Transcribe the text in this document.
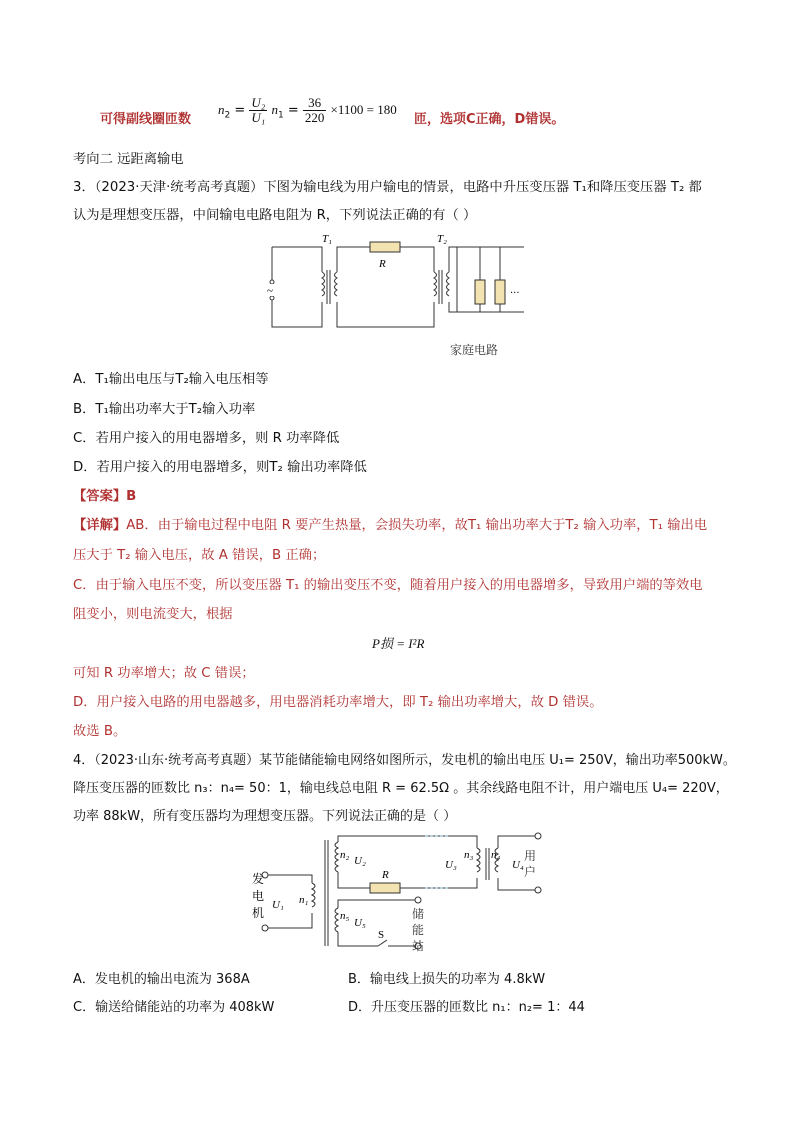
可得副线圈匝数
$n_2 = \frac{\text{U₂}}{\text{U₁}} n_1 = \frac{36}{220} \times 1100 = 180$
匝，选项C正确，D错误。
考向二 远距离输电
3．（2023·天津·统考高考真题）下图为输电线为用户输电的情景，电路中升压变压器 T₁和降压变压器 T₂ 都
认为是理想变压器，中间输电电路电阻为 R，下列说法正确的有（ ）
~
T₁
R
T₂
···
家庭电路
A．T₁输出电压与T₂输入电压相等
B．T₁输出功率大于T₂输入功率
C．若用户接入的用电器增多，则 R 功率降低
D．若用户接入的用电器增多，则T₂ 输出功率降低
【答案】B
【详解】AB．由于输电过程中电阻 R 要产生热量，会损失功率，故T₁ 输出功率大于T₂ 输入功率，T₁ 输出电
压大于 T₂ 输入电压，故 A 错误，B 正确；
C．由于输入电压不变，所以变压器 T₁ 的输出变压不变，随着用户接入的用电器增多，导致用户端的等效电
阻变小，则电流变大，根据
P损 = I²R
可知 R 功率增大；故 C 错误；
D．用户接入电路的用电器越多，用电器消耗功率增大，即 T₂ 输出功率增大，故 D 错误。
故选 B。
4．（2023·山东·统考高考真题）某节能储能输电网络如图所示，发电机的输出电压 U₁= 250V，输出功率500kW。
降压变压器的匝数比 n₃：n₄= 50：1，输电线总电阻 R = 62.5Ω 。其余线路电阻不计，用户端电压 U₄= 220V，
功率 88kW，所有变压器均为理想变压器。下列说法正确的是（ ）
发
电
机
U₁ n₁
n₂ U₂
R
n₅
U₅
S
U₃
n₃ n₄
U₄
用
户
储
能
站
A．发电机的输出电流为 368A	B．输电线上损失的功率为 4.8kW
C．输送给储能站的功率为 408kW	D．升压变压器的匝数比 n₁：n₂= 1：44
